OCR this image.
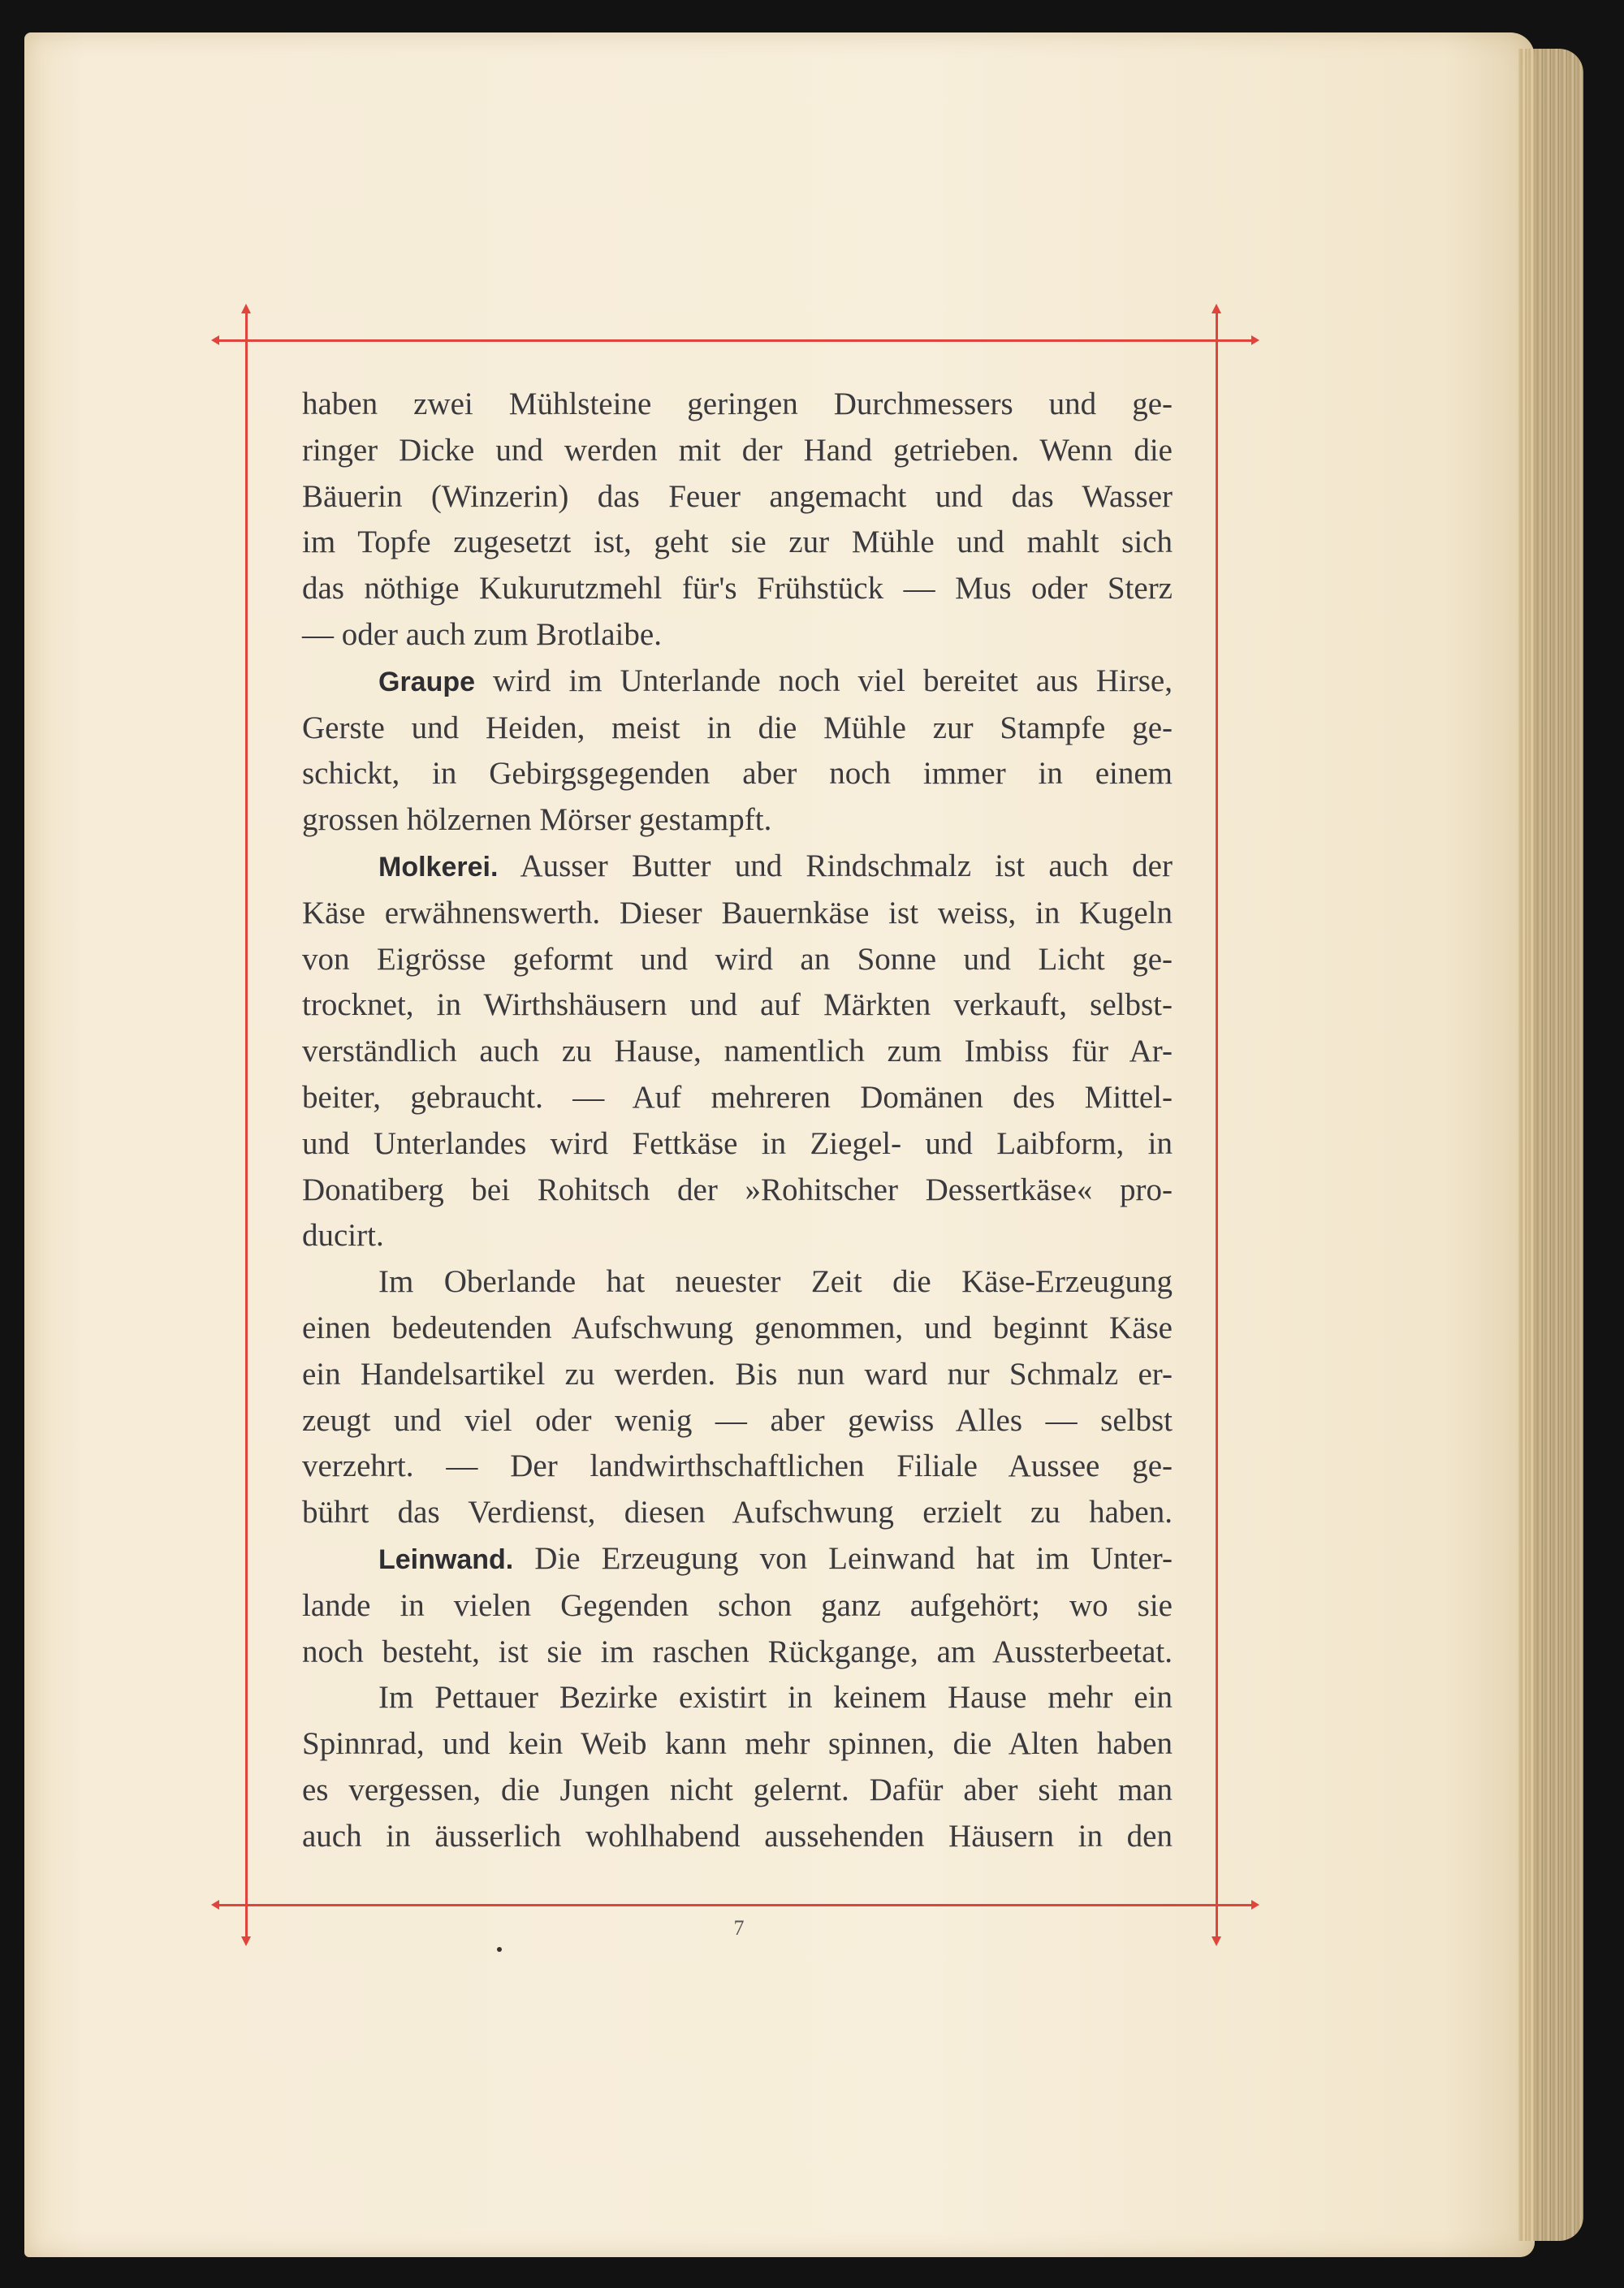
haben zwei Mühlsteine geringen Durchmessers und ge-

ringer Dicke und werden mit der Hand getrieben. Wenn die

Bäuerin (Winzerin) das Feuer angemacht und das Wasser

im Topfe zugesetzt ist, geht sie zur Mühle und mahlt sich

das nöthige Kukurutzmehl für's Frühstück — Mus oder Sterz

— oder auch zum Brotlaibe.

Graupe wird im Unterlande noch viel bereitet aus Hirse,

Gerste und Heiden, meist in die Mühle zur Stampfe ge-

schickt, in Gebirgsgegenden aber noch immer in einem

grossen hölzernen Mörser gestampft.

Molkerei. Ausser Butter und Rindschmalz ist auch der

Käse erwähnenswerth. Dieser Bauernkäse ist weiss, in Kugeln

von Eigrösse geformt und wird an Sonne und Licht ge-

trocknet, in Wirthshäusern und auf Märkten verkauft, selbst-

verständlich auch zu Hause, namentlich zum Imbiss für Ar-

beiter, gebraucht. — Auf mehreren Domänen des Mittel-

und Unterlandes wird Fettkäse in Ziegel- und Laibform, in

Donatiberg bei Rohitsch der »Rohitscher Dessertkäse« pro-

ducirt.

Im Oberlande hat neuester Zeit die Käse-Erzeugung

einen bedeutenden Aufschwung genommen, und beginnt Käse

ein Handelsartikel zu werden. Bis nun ward nur Schmalz er-

zeugt und viel oder wenig — aber gewiss Alles — selbst

verzehrt. — Der landwirthschaftlichen Filiale Aussee ge-

bührt das Verdienst, diesen Aufschwung erzielt zu haben.

Leinwand. Die Erzeugung von Leinwand hat im Unter-

lande in vielen Gegenden schon ganz aufgehört; wo sie

noch besteht, ist sie im raschen Rückgange, am Aussterbeetat.

Im Pettauer Bezirke existirt in keinem Hause mehr ein

Spinnrad, und kein Weib kann mehr spinnen, die Alten haben

es vergessen, die Jungen nicht gelernt. Dafür aber sieht man

auch in äusserlich wohlhabend aussehenden Häusern in den

7
